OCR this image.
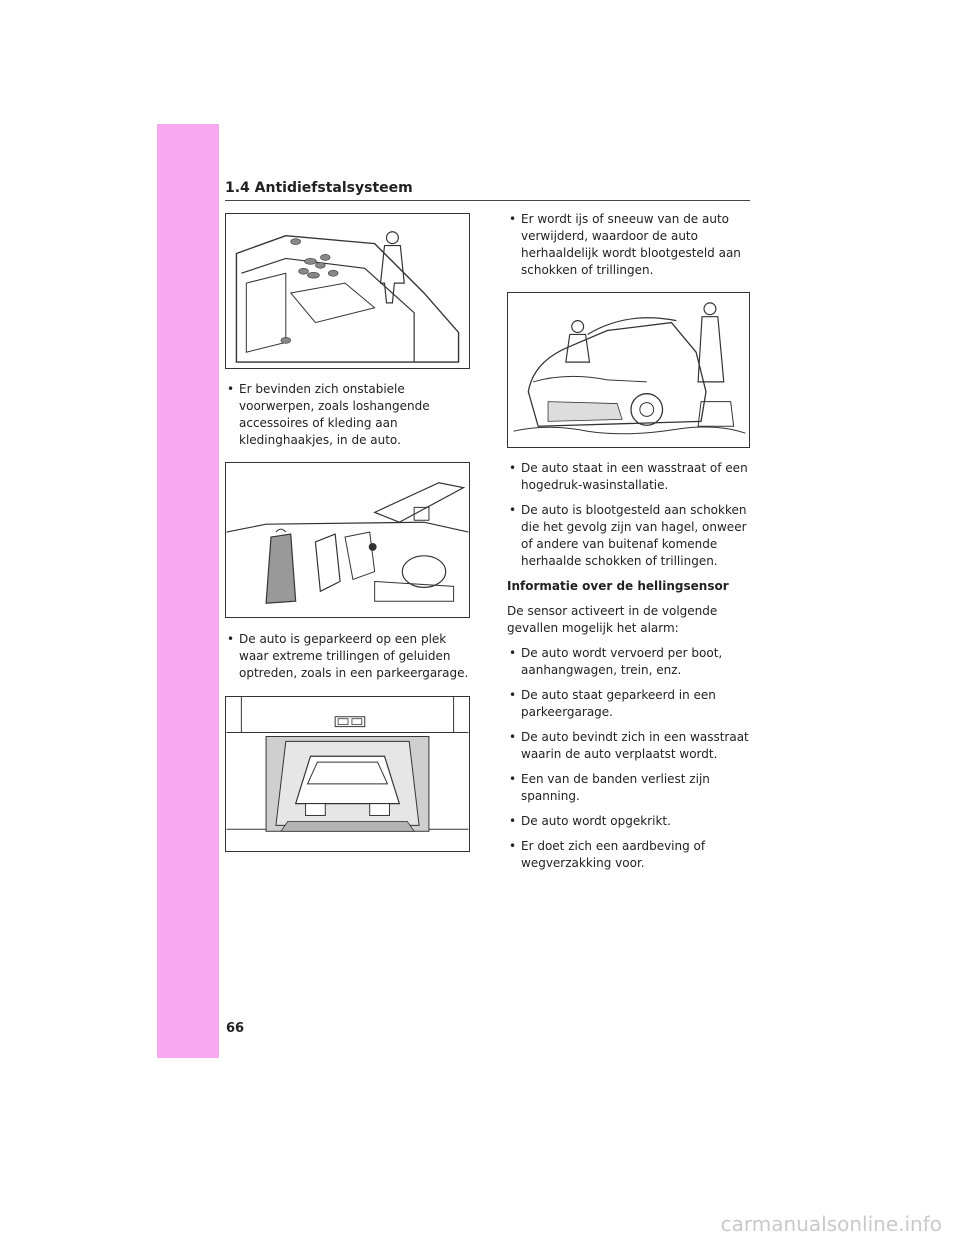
1.4 Antidiefstalsysteem
• Er bevinden zich onstabiele voorwerpen, zoals loshangende accessoires of kleding aan kledinghaakjes, in de auto.
• De auto is geparkeerd op een plek waar extreme trillingen of geluiden optreden, zoals in een parkeergarage.
• Er wordt ijs of sneeuw van de auto verwijderd, waardoor de auto herhaaldelijk wordt blootgesteld aan schokken of trillingen.
• De auto staat in een wasstraat of een hogedruk-wasinstallatie.
• De auto is blootgesteld aan schokken die het gevolg zijn van hagel, onweer of andere van buitenaf komende herhaalde schokken of trillingen.
Informatie over de hellingsensor
De sensor activeert in de volgende gevallen mogelijk het alarm:
• De auto wordt vervoerd per boot, aanhangwagen, trein, enz.
• De auto staat geparkeerd in een parkeergarage.
• De auto bevindt zich in een wasstraat waarin de auto verplaatst wordt.
• Een van de banden verliest zijn spanning.
• De auto wordt opgekrikt.
• Er doet zich een aardbeving of wegverzakking voor.
66
carmanualsonline.info
